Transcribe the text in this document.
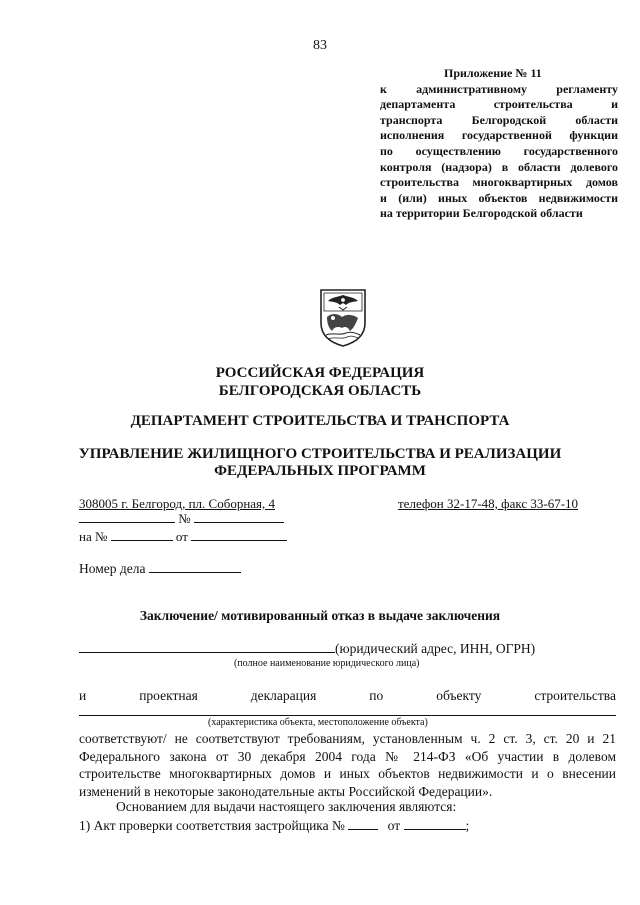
83
Приложение № 11
к административному регламенту
департамента строительства и
транспорта Белгородской области
исполнения государственной функции
по осуществлению государственного
контроля (надзора) в области долевого
строительства многоквартирных домов
и (или) иных объектов недвижимости
на территории Белгородской области
РОССИЙСКАЯ ФЕДЕРАЦИЯ
БЕЛГОРОДСКАЯ ОБЛАСТЬ
ДЕПАРТАМЕНТ СТРОИТЕЛЬСТВА И ТРАНСПОРТА
УПРАВЛЕНИЕ ЖИЛИЩНОГО СТРОИТЕЛЬСТВА И РЕАЛИЗАЦИИ
ФЕДЕРАЛЬНЫХ ПРОГРАММ
308005 г. Белгород, пл. Соборная, 4	телефон 32-17-48, факс 33-67-10
№
на №	от
Номер дела
Заключение/ мотивированный отказ в выдаче заключения
(юридический адрес, ИНН, ОГРН)
(полное наименование юридического лица)
и	проектная	декларация	по	объекту	строительства
(характеристика объекта, местоположение объекта)
соответствуют/ не соответствуют требованиям, установленным ч. 2 ст. 3, ст. 20 и 21 Федерального закона от 30 декабря 2004 года № 214-ФЗ «Об участии в долевом строительстве многоквартирных домов и иных объектов недвижимости и о внесении изменений в некоторые законодательные акты Российской Федерации».
Основанием для выдачи настоящего заключения являются:
1) Акт проверки соответствия застройщика №	от	;
